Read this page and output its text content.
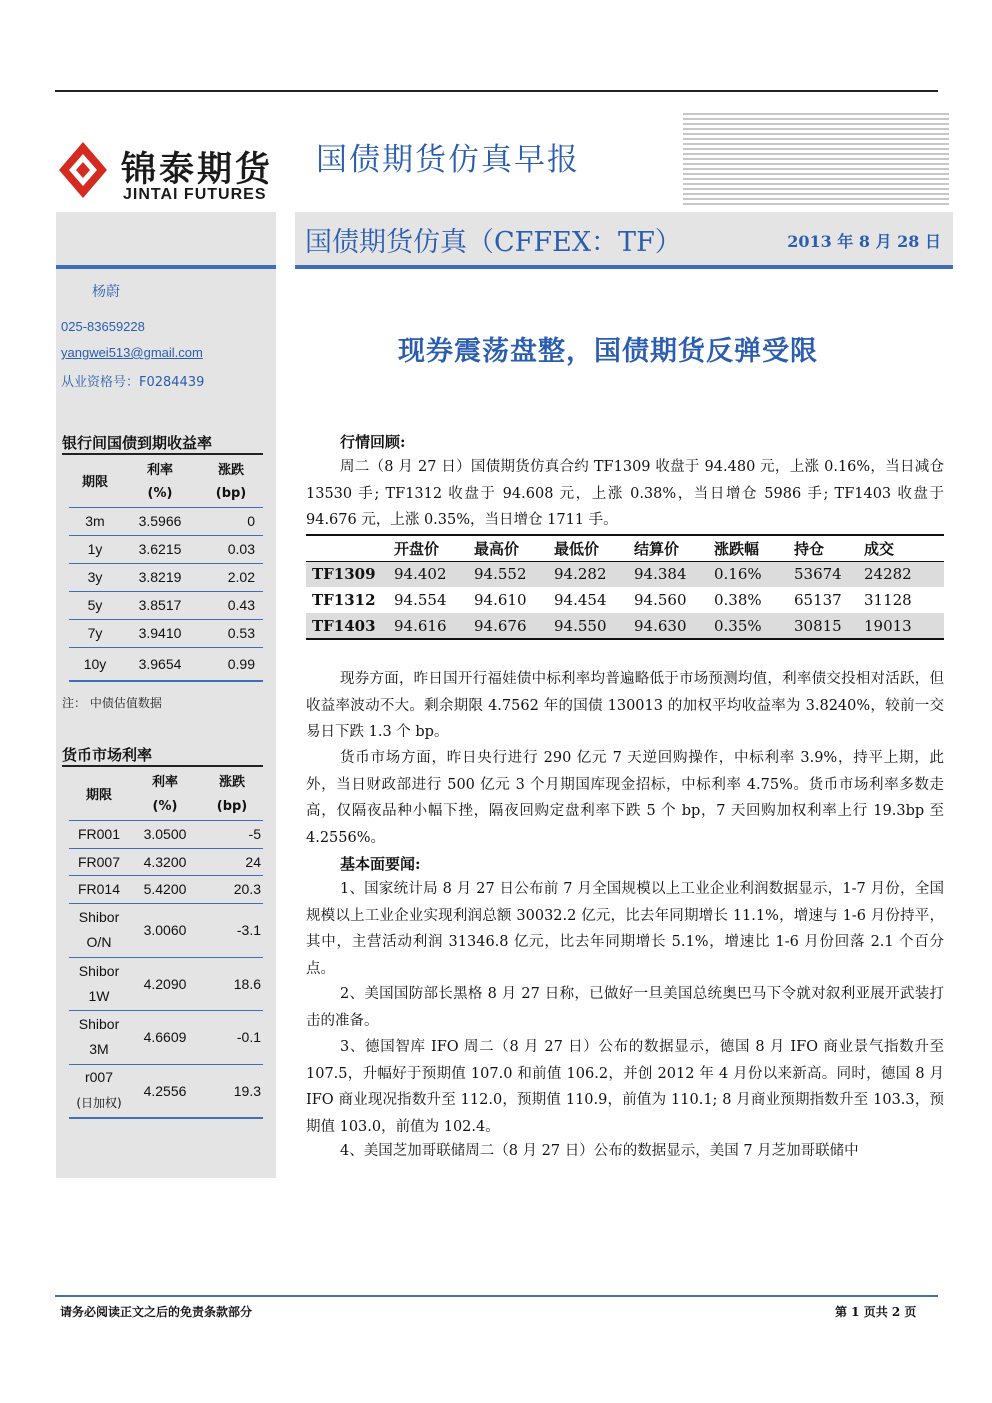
锦泰期货
JINTAI FUTURES
国债期货仿真早报
国债期货仿真（CFFEX：TF）	2013 年 8 月 28 日
杨蔚
025-83659228
yangwei513@gmail.com
从业资格号：F0284439
银行间国债到期收益率
期限	利率	涨跌
	(%)	(bp)
3m	3.5966	0
1y	3.6215	0.03
3y	3.8219	2.02
5y	3.8517	0.43
7y	3.9410	0.53
10y	3.9654	0.99
注： 中债估值数据
货币市场利率
期限	利率	涨跌
	(%)	(bp)
FR001	3.0500	-5
FR007	4.3200	24
FR014	5.4200	20.3
Shibor
O/N	3.0060	-3.1
Shibor
1W	4.2090	18.6
Shibor
3M	4.6609	-0.1
r007
(日加权)	4.2556	19.3
现券震荡盘整，国债期货反弹受限
行情回顾:
周二（8 月 27 日）国债期货仿真合约 TF1309 收盘于 94.480 元，上涨 0.16%，当日减仓 13530 手; TF1312 收盘于 94.608 元，上涨 0.38%，当日增仓 5986 手; TF1403 收盘于 94.676 元，上涨 0.35%，当日增仓 1711 手。
	开盘价	最高价	最低价	结算价	涨跌幅	持仓	成交
TF1309	94.402	94.552	94.282	94.384	0.16%	53674	24282
TF1312	94.554	94.610	94.454	94.560	0.38%	65137	31128
TF1403	94.616	94.676	94.550	94.630	0.35%	30815	19013
现券方面，昨日国开行福娃债中标利率均普遍略低于市场预测均值，利率债交投相对活跃，但收益率波动不大。剩余期限 4.7562 年的国债 130013 的加权平均收益率为 3.8240%，较前一交易日下跌 1.3 个 bp。
货币市场方面，昨日央行进行 290 亿元 7 天逆回购操作，中标利率 3.9%，持平上期，此外，当日财政部进行 500 亿元 3 个月期国库现金招标，中标利率 4.75%。货币市场利率多数走高，仅隔夜品种小幅下挫，隔夜回购定盘利率下跌 5 个 bp，7 天回购加权利率上行 19.3bp 至 4.2556%。
基本面要闻:
1、国家统计局 8 月 27 日公布前 7 月全国规模以上工业企业利润数据显示，1-7 月份，全国规模以上工业企业实现利润总额 30032.2 亿元，比去年同期增长 11.1%，增速与 1-6 月份持平，其中，主营活动利润 31346.8 亿元，比去年同期增长 5.1%，增速比 1-6 月份回落 2.1 个百分点。
2、美国国防部长黑格 8 月 27 日称，已做好一旦美国总统奥巴马下令就对叙利亚展开武装打击的准备。
3、德国智库 IFO 周二（8 月 27 日）公布的数据显示，德国 8 月 IFO 商业景气指数升至 107.5，升幅好于预期值 107.0 和前值 106.2，并创 2012 年 4 月份以来新高。同时，德国 8 月 IFO 商业现况指数升至 112.0，预期值 110.9，前值为 110.1; 8 月商业预期指数升至 103.3，预期值 103.0，前值为 102.4。
4、美国芝加哥联储周二（8 月 27 日）公布的数据显示，美国 7 月芝加哥联储中
请务必阅读正文之后的免责条款部分	第 1 页共 2 页
